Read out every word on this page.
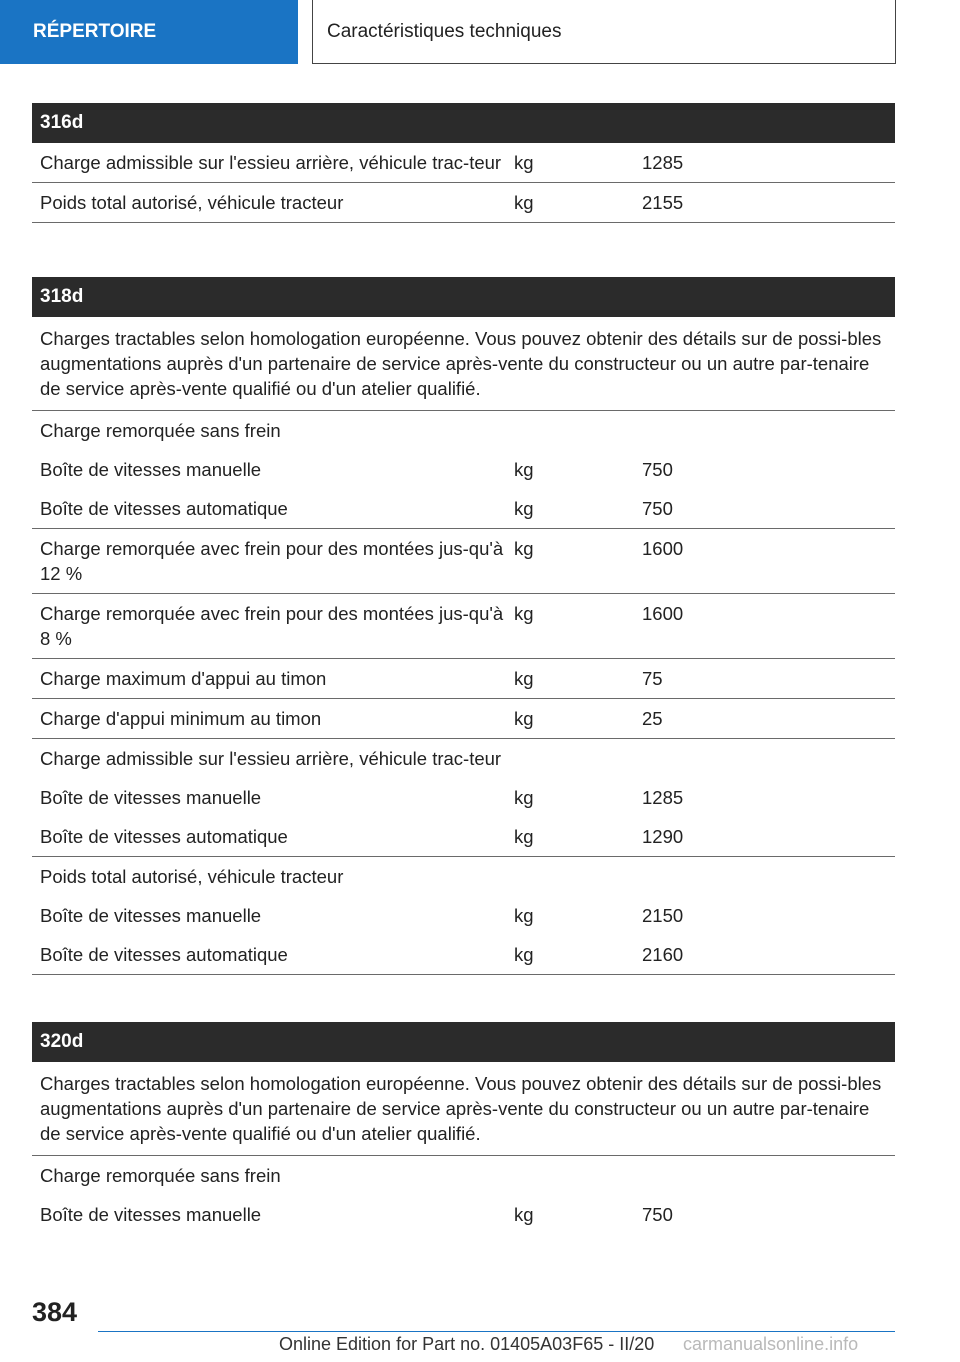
RÉPERTOIRE	Caractéristiques techniques
316d
Charge admissible sur l'essieu arrière, véhicule trac-teur	kg	1285
Poids total autorisé, véhicule tracteur	kg	2155
318d
Charges tractables selon homologation européenne. Vous pouvez obtenir des détails sur de possi-bles augmentations auprès d'un partenaire de service après-vente du constructeur ou un autre par-tenaire de service après-vente qualifié ou d'un atelier qualifié.		
Charge remorquée sans frein		
Boîte de vitesses manuelle	kg	750
Boîte de vitesses automatique	kg	750
Charge remorquée avec frein pour des montées jus-qu'à 12 %	kg	1600
Charge remorquée avec frein pour des montées jus-qu'à 8 %	kg	1600
Charge maximum d'appui au timon	kg	75
Charge d'appui minimum au timon	kg	25
Charge admissible sur l'essieu arrière, véhicule trac-teur		
Boîte de vitesses manuelle	kg	1285
Boîte de vitesses automatique	kg	1290
Poids total autorisé, véhicule tracteur		
Boîte de vitesses manuelle	kg	2150
Boîte de vitesses automatique	kg	2160
320d
Charges tractables selon homologation européenne. Vous pouvez obtenir des détails sur de possi-bles augmentations auprès d'un partenaire de service après-vente du constructeur ou un autre par-tenaire de service après-vente qualifié ou d'un atelier qualifié.		
Charge remorquée sans frein		
Boîte de vitesses manuelle	kg	750
384
Online Edition for Part no. 01405A03F65 - II/20 carmanualsonline.info
